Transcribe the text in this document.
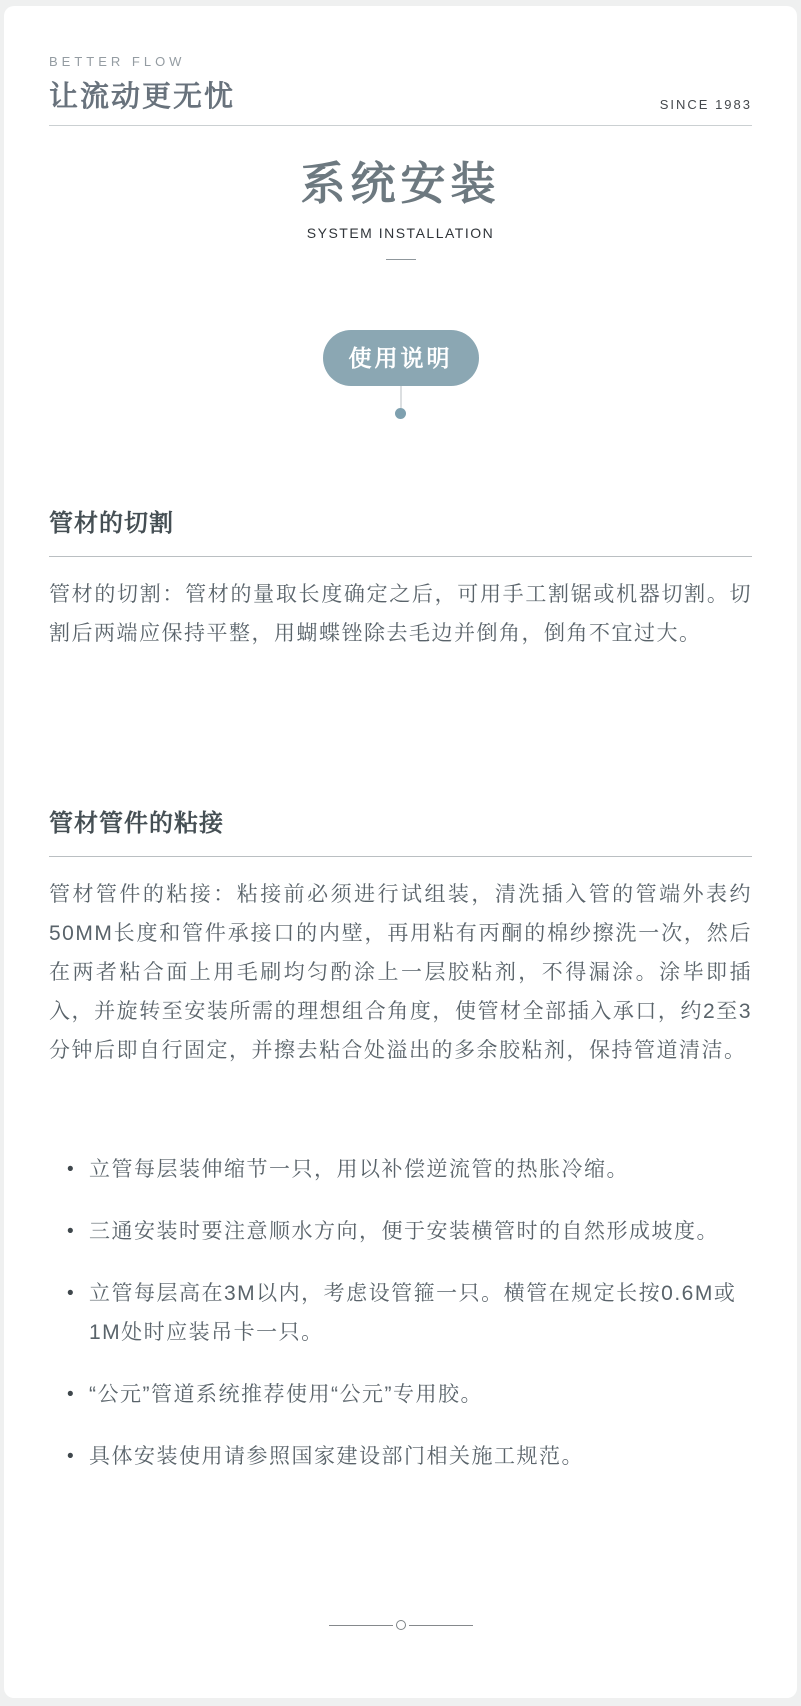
BETTER FLOW
让流动更无忧	SINCE 1983
系统安装
SYSTEM INSTALLATION
使用说明
管材的切割

管材的切割：管材的量取长度确定之后，可用手工割锯或机器切割。切割后两端应保持平整，用蝴蝶锉除去毛边并倒角，倒角不宜过大。

管材管件的粘接

管材管件的粘接：粘接前必须进行试组装，清洗插入管的管端外表约50MM长度和管件承接口的内壁，再用粘有丙酮的棉纱擦洗一次，然后在两者粘合面上用毛刷均匀酌涂上一层胶粘剂，不得漏涂。涂毕即插入，并旋转至安装所需的理想组合角度，使管材全部插入承口，约2至3分钟后即自行固定，并擦去粘合处溢出的多余胶粘剂，保持管道清洁。

• 立管每层装伸缩节一只，用以补偿逆流管的热胀冷缩。
• 三通安装时要注意顺水方向，便于安装横管时的自然形成坡度。
• 立管每层高在3M以内，考虑设管箍一只。横管在规定长按0.6M或1M处时应装吊卡一只。
• “公元”管道系统推荐使用“公元”专用胶。
• 具体安装使用请参照国家建设部门相关施工规范。
